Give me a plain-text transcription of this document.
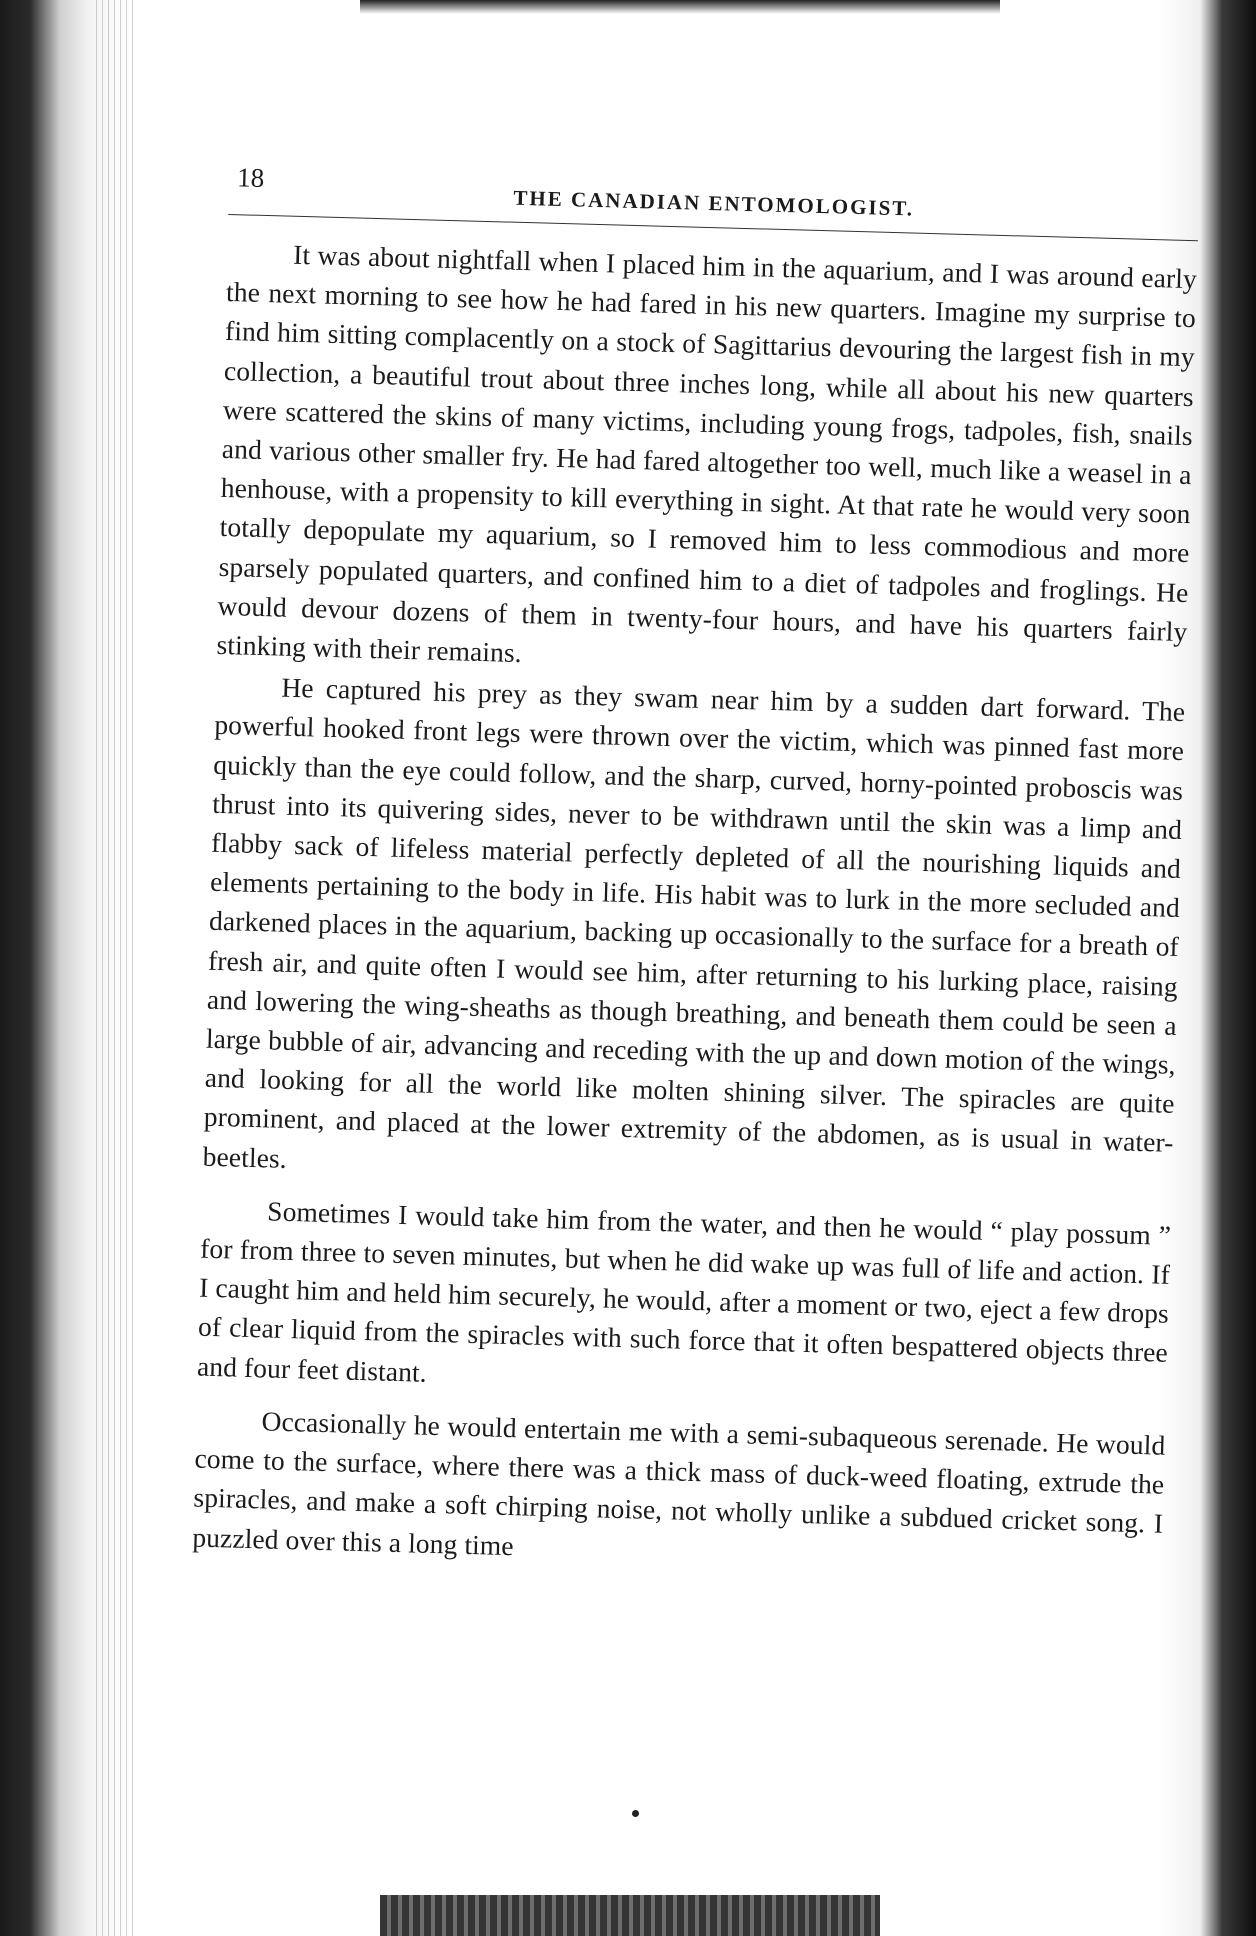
18
THE CANADIAN ENTOMOLOGIST.

It was about nightfall when I placed him in the aquarium, and I was around early the next morning to see how he had fared in his new quarters. Imagine my surprise to find him sitting complacently on a stock of Sagittarius devouring the largest fish in my collection, a beautiful trout about three inches long, while all about his new quarters were scattered the skins of many victims, including young frogs, tadpoles, fish, snails and various other smaller fry. He had fared altogether too well, much like a weasel in a henhouse, with a propensity to kill everything in sight. At that rate he would very soon totally depopulate my aquarium, so I removed him to less commodious and more sparsely populated quarters, and confined him to a diet of tadpoles and froglings. He would devour dozens of them in twenty-four hours, and have his quarters fairly stinking with their remains.

He captured his prey as they swam near him by a sudden dart forward. The powerful hooked front legs were thrown over the victim, which was pinned fast more quickly than the eye could follow, and the sharp, curved, horny-pointed proboscis was thrust into its quivering sides, never to be withdrawn until the skin was a limp and flabby sack of lifeless material perfectly depleted of all the nourishing liquids and elements pertaining to the body in life. His habit was to lurk in the more secluded and darkened places in the aquarium, backing up occasionally to the surface for a breath of fresh air, and quite often I would see him, after returning to his lurking place, raising and lowering the wing-sheaths as though breathing, and beneath them could be seen a large bubble of air, advancing and receding with the up and down motion of the wings, and looking for all the world like molten shining silver. The spiracles are quite prominent, and placed at the lower extremity of the abdomen, as is usual in water-beetles.

Sometimes I would take him from the water, and then he would “ play possum ” for from three to seven minutes, but when he did wake up was full of life and action. If I caught him and held him securely, he would, after a moment or two, eject a few drops of clear liquid from the spiracles with such force that it often bespattered objects three and four feet distant.

Occasionally he would entertain me with a semi-subaqueous serenade. He would come to the surface, where there was a thick mass of duck-weed floating, extrude the spiracles, and make a soft chirping noise, not wholly unlike a subdued cricket song. I puzzled over this a long time
